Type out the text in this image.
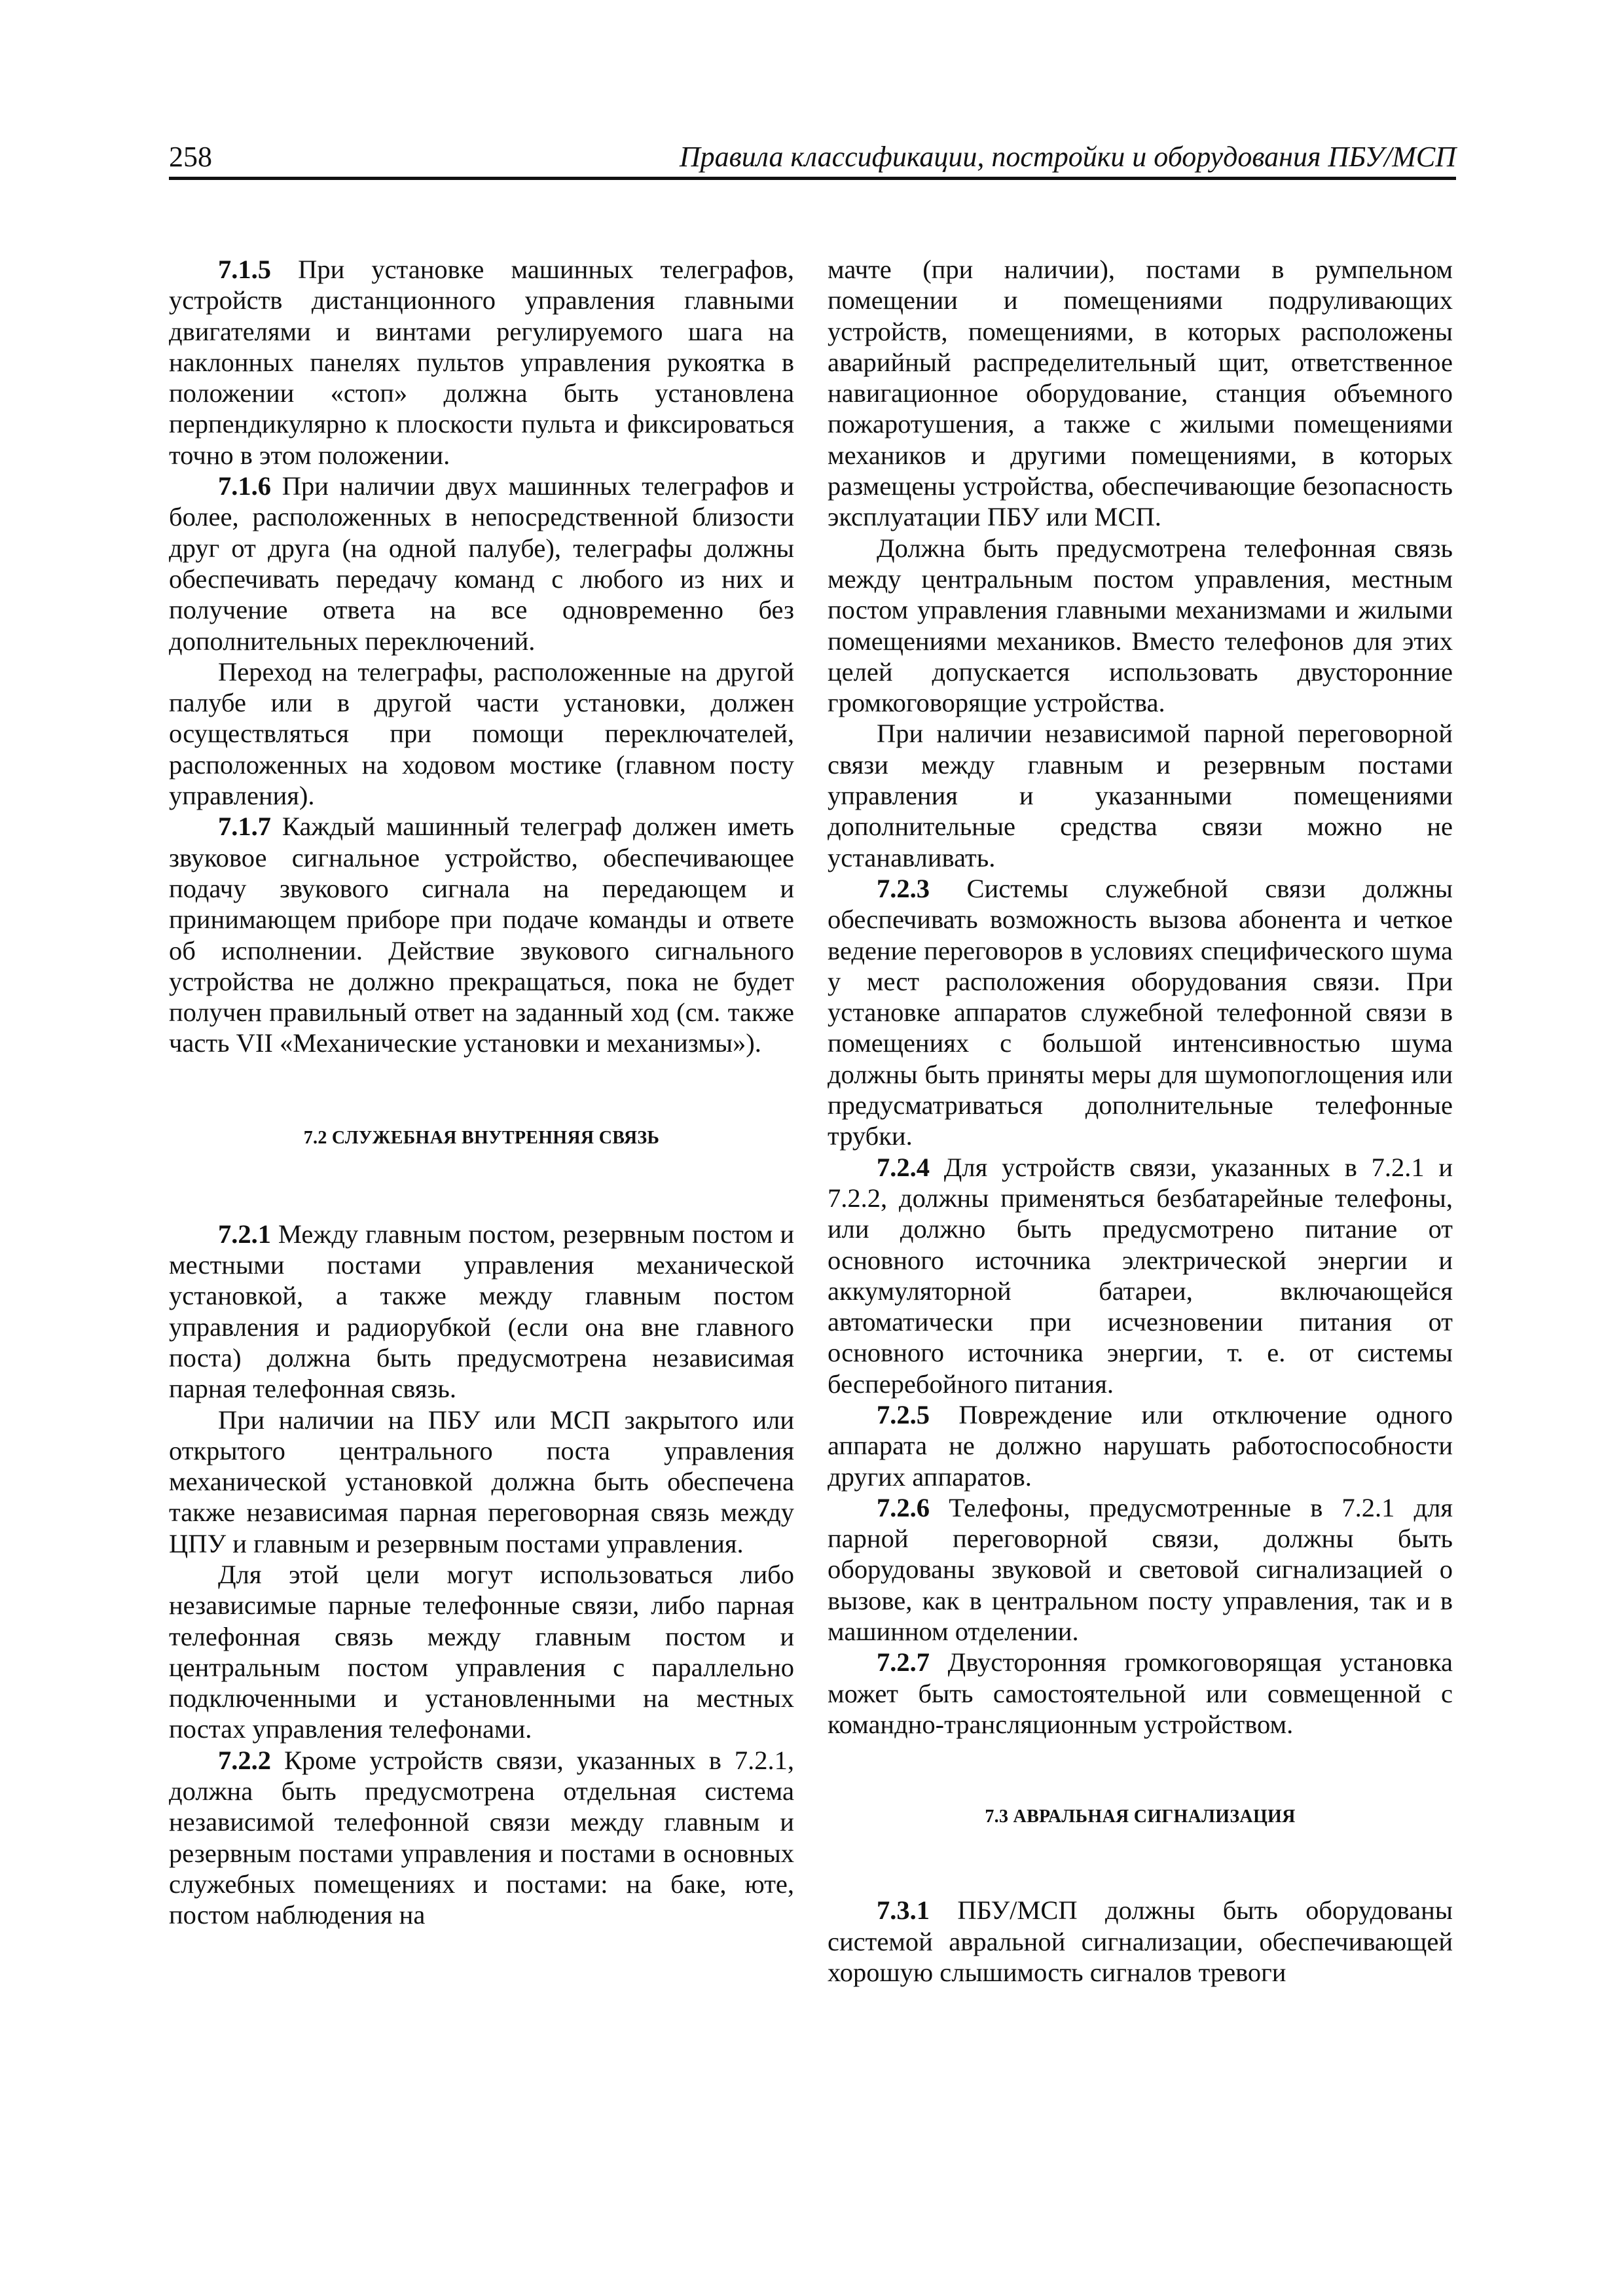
258	Правила классификации, постройки и оборудования ПБУ/МСП

7.1.5 При установке машинных телеграфов, устройств дистанционного управления главными двигателями и винтами регулируемого шага на наклонных панелях пультов управления рукоятка в положении «стоп» должна быть установлена перпендикулярно к плоскости пульта и фиксироваться точно в этом положении.

7.1.6 При наличии двух машинных телеграфов и более, расположенных в непосредственной близости друг от друга (на одной палубе), телеграфы должны обеспечивать передачу команд с любого из них и получение ответа на все одновременно без дополнительных переключений.

Переход на телеграфы, расположенные на другой палубе или в другой части установки, должен осуществляться при помощи переключателей, расположенных на ходовом мостике (главном посту управления).

7.1.7 Каждый машинный телеграф должен иметь звуковое сигнальное устройство, обеспечивающее подачу звукового сигнала на передающем и принимающем приборе при подаче команды и ответе об исполнении. Действие звукового сигнального устройства не должно прекращаться, пока не будет получен правильный ответ на заданный ход (см. также часть VII «Механические установки и механизмы»).

7.2 СЛУЖЕБНАЯ ВНУТРЕННЯЯ СВЯЗЬ

7.2.1 Между главным постом, резервным постом и местными постами управления механической установкой, а также между главным постом управления и радиорубкой (если она вне главного поста) должна быть предусмотрена независимая парная телефонная связь.

При наличии на ПБУ или МСП закрытого или открытого центрального поста управления механической установкой должна быть обеспечена также независимая парная переговорная связь между ЦПУ и главным и резервным постами управления.

Для этой цели могут использоваться либо независимые парные телефонные связи, либо парная телефонная связь между главным постом и центральным постом управления с параллельно подключенными и установленными на местных постах управления телефонами.

7.2.2 Кроме устройств связи, указанных в 7.2.1, должна быть предусмотрена отдельная система независимой телефонной связи между главным и резервным постами управления и постами в основных служебных помещениях и постами: на баке, юте, постом наблюдения на

мачте (при наличии), постами в румпельном помещении и помещениями подруливающих устройств, помещениями, в которых расположены аварийный распределительный щит, ответственное навигационное оборудование, станция объемного пожаротушения, а также с жилыми помещениями механиков и другими помещениями, в которых размещены устройства, обеспечивающие безопасность эксплуатации ПБУ или МСП.

Должна быть предусмотрена телефонная связь между центральным постом управления, местным постом управления главными механизмами и жилыми помещениями механиков. Вместо телефонов для этих целей допускается использовать двусторонние громкоговорящие устройства.

При наличии независимой парной переговорной связи между главным и резервным постами управления и указанными помещениями дополнительные средства связи можно не устанавливать.

7.2.3 Системы служебной связи должны обеспечивать возможность вызова абонента и четкое ведение переговоров в условиях специфического шума у мест расположения оборудования связи. При установке аппаратов служебной телефонной связи в помещениях с большой интенсивностью шума должны быть приняты меры для шумопоглощения или предусматриваться дополнительные телефонные трубки.

7.2.4 Для устройств связи, указанных в 7.2.1 и 7.2.2, должны применяться безбатарейные телефоны, или должно быть предусмотрено питание от основного источника электрической энергии и аккумуляторной батареи, включающейся автоматически при исчезновении питания от основного источника энергии, т. е. от системы бесперебойного питания.

7.2.5 Повреждение или отключение одного аппарата не должно нарушать работоспособности других аппаратов.

7.2.6 Телефоны, предусмотренные в 7.2.1 для парной переговорной связи, должны быть оборудованы звуковой и световой сигнализацией о вызове, как в центральном посту управления, так и в машинном отделении.

7.2.7 Двусторонняя громкоговорящая установка может быть самостоятельной или совмещенной с командно-трансляционным устройством.

7.3 АВРАЛЬНАЯ СИГНАЛИЗАЦИЯ

7.3.1 ПБУ/МСП должны быть оборудованы системой авральной сигнализации, обеспечивающей хорошую слышимость сигналов тревоги
